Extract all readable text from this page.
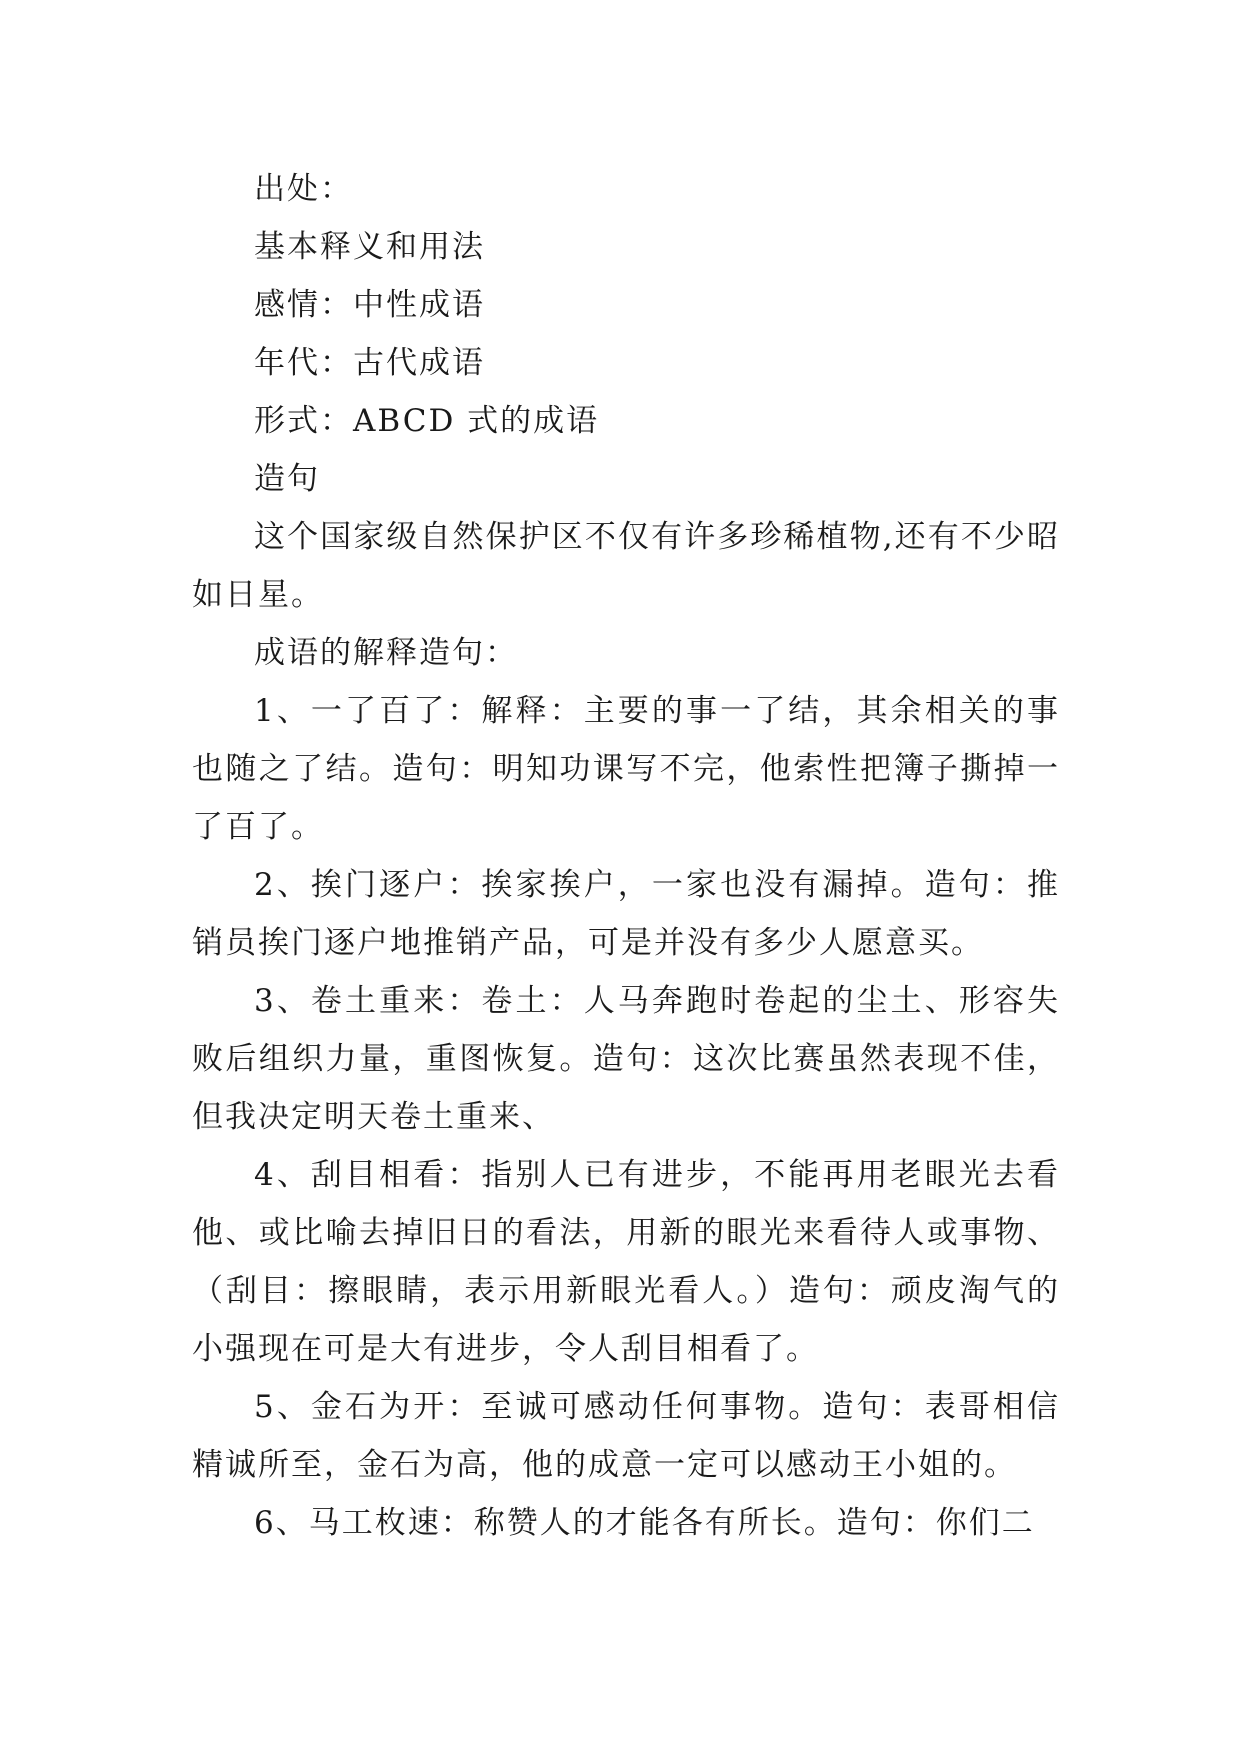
出处：

基本释义和用法

感情：中性成语

年代：古代成语

形式：ABCD 式的成语

造句

这个国家级自然保护区不仅有许多珍稀植物,还有不少昭如日星。

成语的解释造句：

1、一了百了：解释：主要的事一了结，其余相关的事也随之了结。造句：明知功课写不完，他索性把簿子撕掉一了百了。

2、挨门逐户：挨家挨户，一家也没有漏掉。造句：推销员挨门逐户地推销产品，可是并没有多少人愿意买。

3、卷土重来：卷土：人马奔跑时卷起的尘土、形容失败后组织力量，重图恢复。造句：这次比赛虽然表现不佳，但我决定明天卷土重来、

4、刮目相看：指别人已有进步，不能再用老眼光去看他、或比喻去掉旧日的看法，用新的眼光来看待人或事物、（刮目：擦眼睛，表示用新眼光看人。）造句：顽皮淘气的小强现在可是大有进步，令人刮目相看了。

5、金石为开：至诚可感动任何事物。造句：表哥相信精诚所至，金石为高，他的成意一定可以感动王小姐的。

6、马工枚速：称赞人的才能各有所长。造句：你们二
